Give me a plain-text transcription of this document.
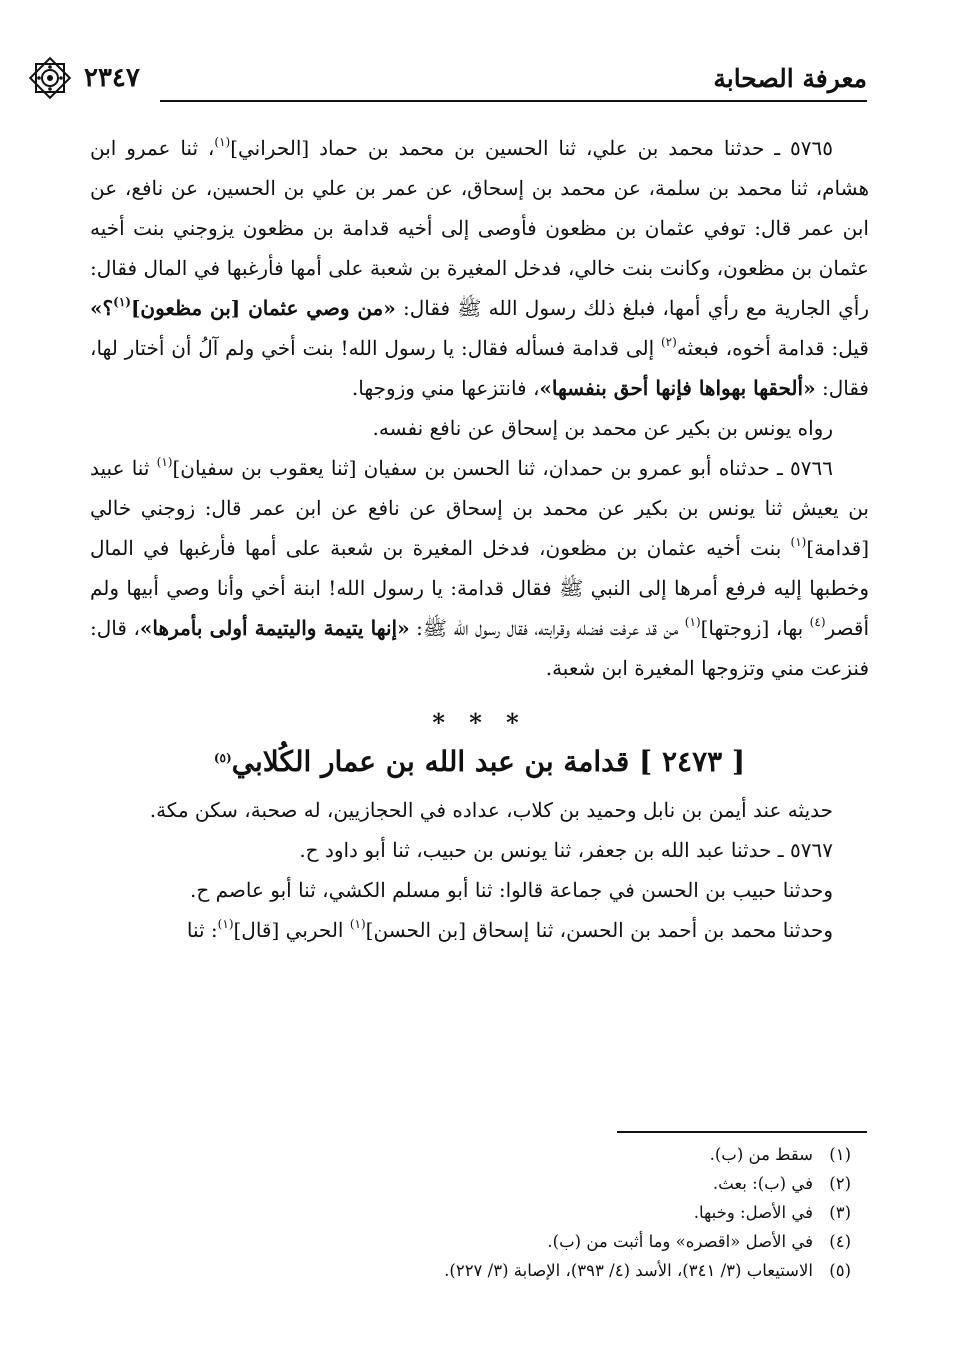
معرفة الصحابة
٢٣٤٧

٥٧٦٥ ـ حدثنا محمد بن علي، ثنا الحسين بن محمد بن حماد [الحراني]$^{(١)}$، ثنا عمرو ابن هشام، ثنا محمد بن سلمة، عن محمد بن إسحاق، عن عمر بن علي بن الحسين، عن نافع، عن ابن عمر قال: توفي عثمان بن مظعون فأوصى إلى أخيه قدامة بن مظعون يزوجني بنت أخيه عثمان بن مظعون، وكانت بنت خالي، فدخل المغيرة بن شعبة على أمها فأرغبها في المال فقال: رأي الجارية مع رأي أمها، فبلغ ذلك رسول الله ﷺ فقال: «من وصي عثمان [بن مظعون]$^{(١)}$؟» قيل: قدامة أخوه، فبعثه$^{(٢)}$ إلى قدامة فسأله فقال: يا رسول الله! بنت أخي ولم آلُ أن أختار لها، فقال: «ألحقها بهواها فإنها أحق بنفسها»، فانتزعها مني وزوجها.

رواه يونس بن بكير عن محمد بن إسحاق عن نافع نفسه.

٥٧٦٦ ـ حدثناه أبو عمرو بن حمدان، ثنا الحسن بن سفيان [ثنا يعقوب بن سفيان]$^{(١)}$ ثنا عبيد بن يعيش ثنا يونس بن بكير عن محمد بن إسحاق عن نافع عن ابن عمر قال: زوجني خالي [قدامة]$^{(١)}$ بنت أخيه عثمان بن مظعون، فدخل المغيرة بن شعبة على أمها فأرغبها في المال وخطبها إليه فرفع أمرها إلى النبي ﷺ فقال قدامة: يا رسول الله! ابنة أخي وأنا وصي أبيها ولم أقصر$^{(٤)}$ بها، [زوجتها]$^{(١)}$ من قد عرفت فضله وقرابته، فقال رسول الله ﷺ: «إنها يتيمة واليتيمة أولى بأمرها»، قال: فنزعت مني وتزوجها المغيرة ابن شعبة.

* * *
[ ٢٤٧٣ ] قدامة بن عبد الله بن عمار الكُلابي$^{(٥)}$

حديثه عند أيمن بن نابل وحميد بن كلاب، عداده في الحجازيين، له صحبة، سكن مكة.

٥٧٦٧ ـ حدثنا عبد الله بن جعفر، ثنا يونس بن حبيب، ثنا أبو داود ح.

وحدثنا حبيب بن الحسن في جماعة قالوا: ثنا أبو مسلم الكشي، ثنا أبو عاصم ح.

وحدثنا محمد بن أحمد بن الحسن، ثنا إسحاق [بن الحسن]$^{(١)}$ الحربي [قال]$^{(١)}$: ثنا

(١)
سقط من (ب).
(٢)
في (ب): بعث.
(٣)
في الأصل: وخبها.
(٤)
في الأصل «اقصره» وما أثبت من (ب).
(٥)
الاستيعاب (٣/ ٣٤١)، الأسد (٤/ ٣٩٣)، الإصابة (٣/ ٢٢٧).
